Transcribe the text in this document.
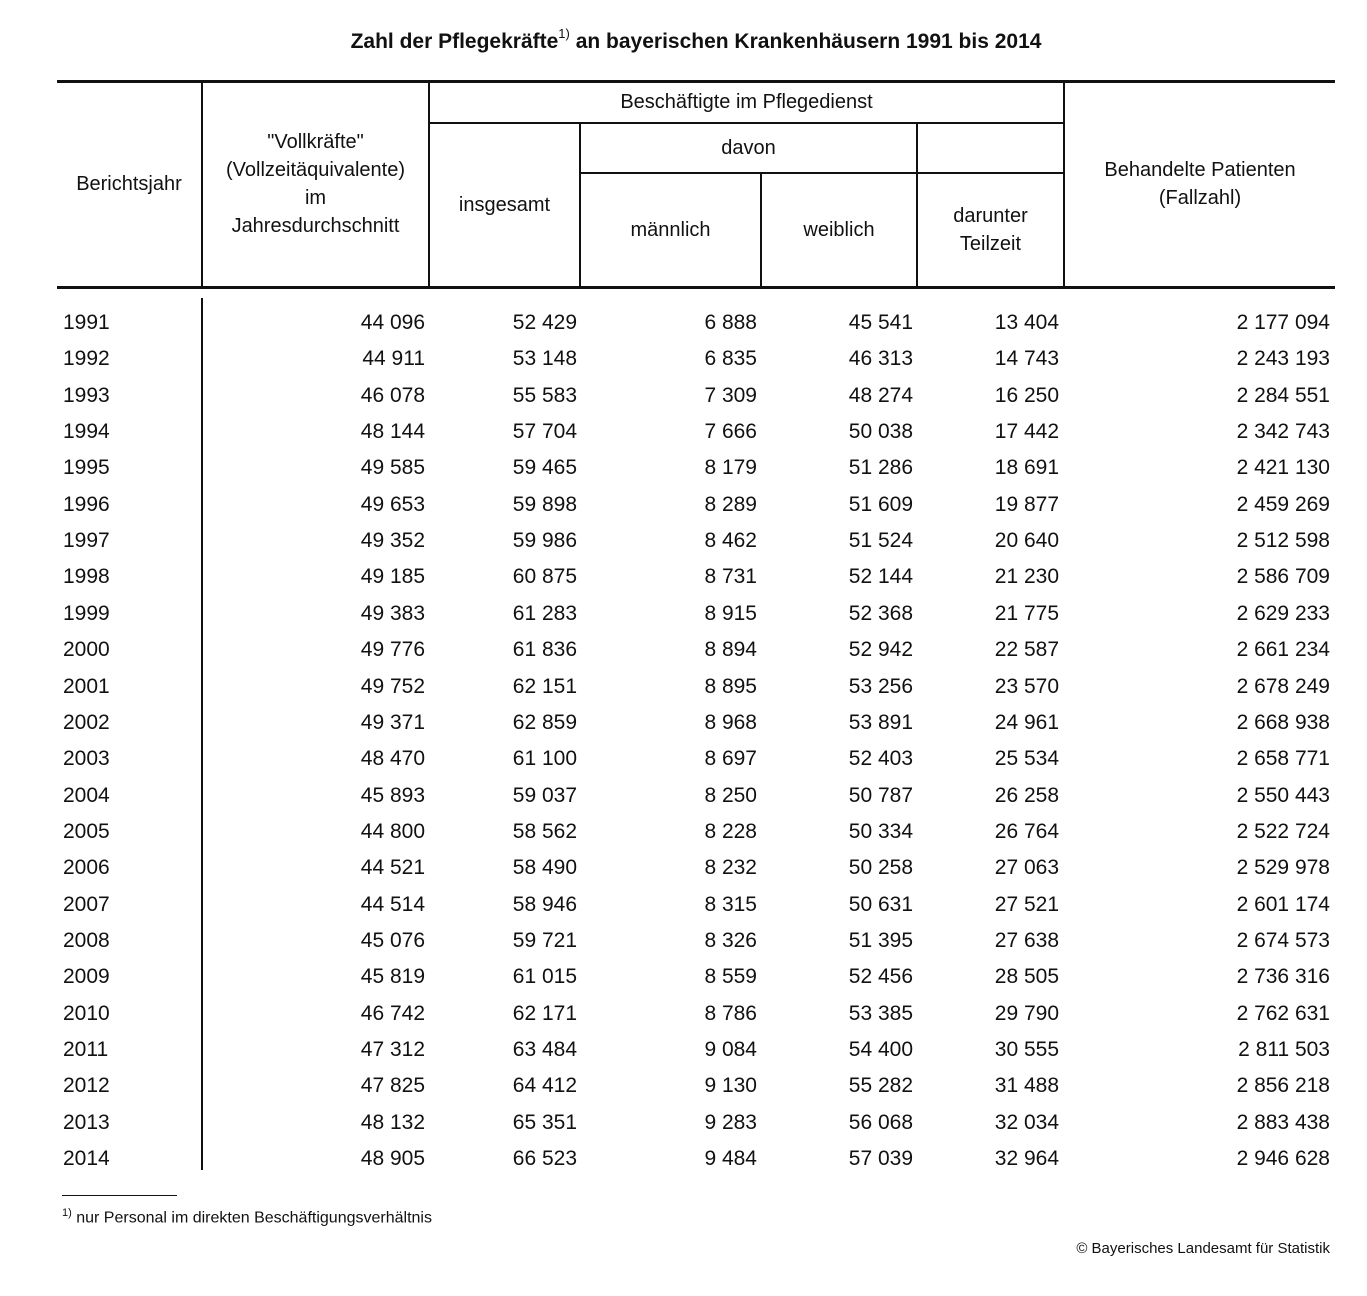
Zahl der Pflegekräfte$^{1)}$ an bayerischen Krankenhäusern 1991 bis 2014
Berichtsjahr
"Vollkräfte"
(Vollzeitäquivalente)
im
Jahresdurchschnitt
Beschäftigte im Pflegedienst
insgesamt
davon
männlich	weiblich
darunter
Teilzeit
Behandelte Patienten
(Fallzahl)
1991	44 096	52 429	6 888	45 541	13 404	2 177 094
1992	44 911	53 148	6 835	46 313	14 743	2 243 193
1993	46 078	55 583	7 309	48 274	16 250	2 284 551
1994	48 144	57 704	7 666	50 038	17 442	2 342 743
1995	49 585	59 465	8 179	51 286	18 691	2 421 130
1996	49 653	59 898	8 289	51 609	19 877	2 459 269
1997	49 352	59 986	8 462	51 524	20 640	2 512 598
1998	49 185	60 875	8 731	52 144	21 230	2 586 709
1999	49 383	61 283	8 915	52 368	21 775	2 629 233
2000	49 776	61 836	8 894	52 942	22 587	2 661 234
2001	49 752	62 151	8 895	53 256	23 570	2 678 249
2002	49 371	62 859	8 968	53 891	24 961	2 668 938
2003	48 470	61 100	8 697	52 403	25 534	2 658 771
2004	45 893	59 037	8 250	50 787	26 258	2 550 443
2005	44 800	58 562	8 228	50 334	26 764	2 522 724
2006	44 521	58 490	8 232	50 258	27 063	2 529 978
2007	44 514	58 946	8 315	50 631	27 521	2 601 174
2008	45 076	59 721	8 326	51 395	27 638	2 674 573
2009	45 819	61 015	8 559	52 456	28 505	2 736 316
2010	46 742	62 171	8 786	53 385	29 790	2 762 631
2011	47 312	63 484	9 084	54 400	30 555	2 811 503
2012	47 825	64 412	9 130	55 282	31 488	2 856 218
2013	48 132	65 351	9 283	56 068	32 034	2 883 438
2014	48 905	66 523	9 484	57 039	32 964	2 946 628
$^{1)}$ nur Personal im direkten Beschäftigungsverhältnis
© Bayerisches Landesamt für Statistik
